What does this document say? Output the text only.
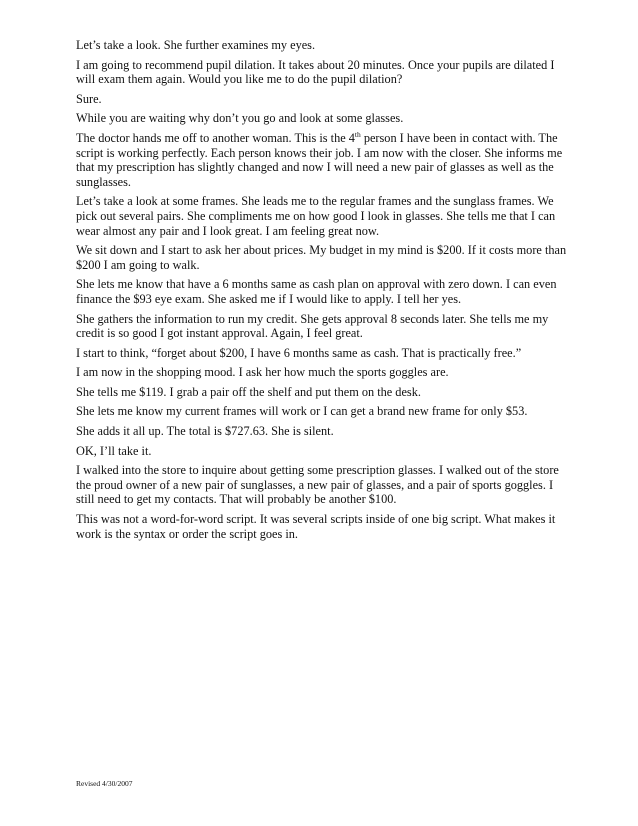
Let’s take a look. She further examines my eyes.

I am going to recommend pupil dilation. It takes about 20 minutes. Once your pupils are dilated I will exam them again. Would you like me to do the pupil dilation?

Sure.

While you are waiting why don’t you go and look at some glasses.

The doctor hands me off to another woman. This is the 4th person I have been in contact with. The script is working perfectly. Each person knows their job. I am now with the closer. She informs me that my prescription has slightly changed and now I will need a new pair of glasses as well as the sunglasses.

Let’s take a look at some frames. She leads me to the regular frames and the sunglass frames. We pick out several pairs. She compliments me on how good I look in glasses. She tells me that I can wear almost any pair and I look great. I am feeling great now.

We sit down and I start to ask her about prices. My budget in my mind is $200. If it costs more than $200 I am going to walk.

She lets me know that have a 6 months same as cash plan on approval with zero down. I can even finance the $93 eye exam. She asked me if I would like to apply. I tell her yes.

She gathers the information to run my credit. She gets approval 8 seconds later. She tells me my credit is so good I got instant approval. Again, I feel great.

I start to think, “forget about $200, I have 6 months same as cash. That is practically free.”

I am now in the shopping mood. I ask her how much the sports goggles are.

She tells me $119. I grab a pair off the shelf and put them on the desk.

She lets me know my current frames will work or I can get a brand new frame for only $53.

She adds it all up. The total is $727.63. She is silent.

OK, I’ll take it.

I walked into the store to inquire about getting some prescription glasses. I walked out of the store the proud owner of a new pair of sunglasses, a new pair of glasses, and a pair of sports goggles. I still need to get my contacts. That will probably be another $100.

This was not a word-for-word script. It was several scripts inside of one big script. What makes it work is the syntax or order the script goes in.

Revised 4/30/2007
